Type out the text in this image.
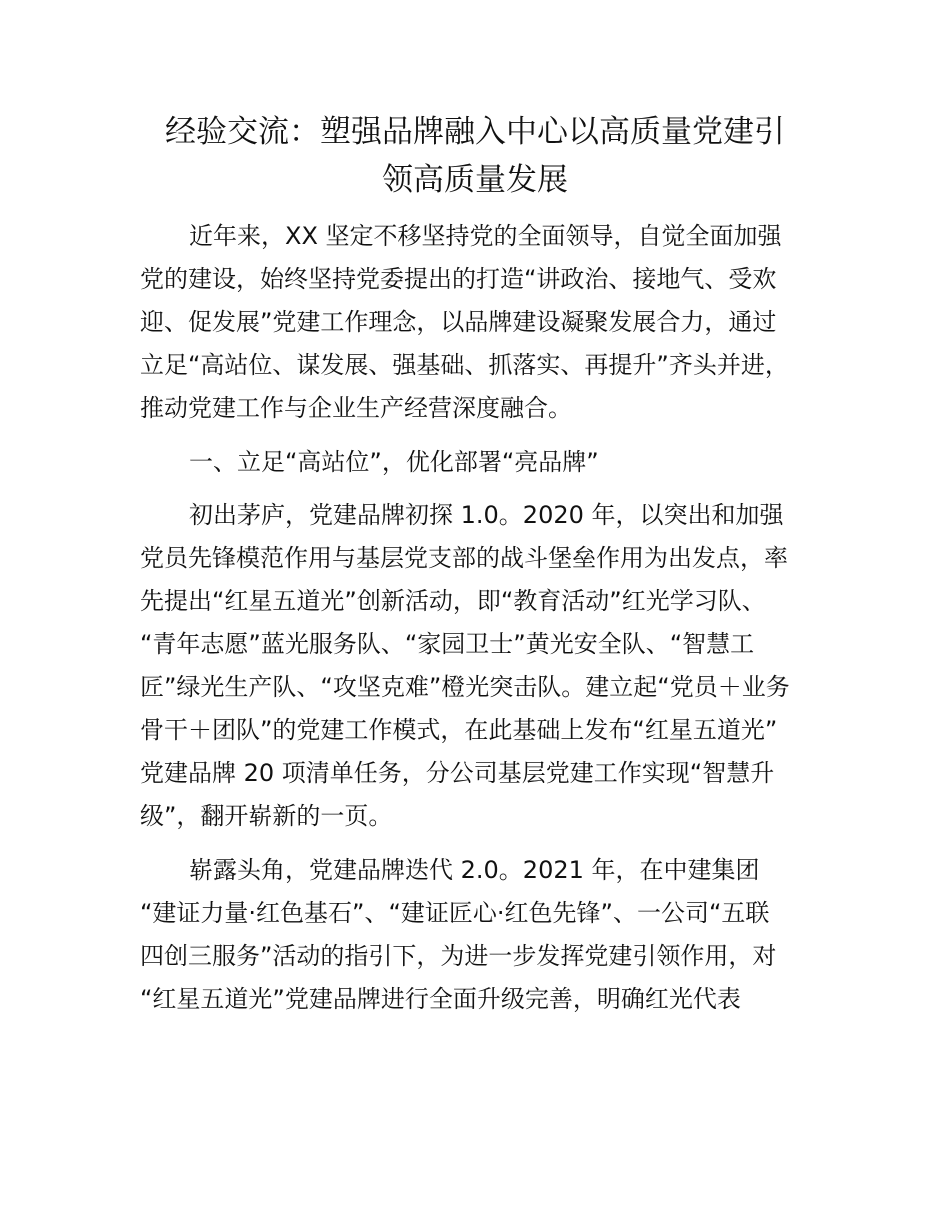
经验交流：塑强品牌融入中心以高质量党建引
领高质量发展
近年来，XX 坚定不移坚持党的全面领导，自觉全面加强
党的建设，始终坚持党委提出的打造“讲政治、接地气、受欢
迎、促发展”党建工作理念，以品牌建设凝聚发展合力，通过
立足“高站位、谋发展、强基础、抓落实、再提升”齐头并进，
推动党建工作与企业生产经营深度融合。
一、立足“高站位”，优化部署“亮品牌”
初出茅庐，党建品牌初探 1.0。2020 年，以突出和加强
党员先锋模范作用与基层党支部的战斗堡垒作用为出发点，率
先提出“红星五道光”创新活动，即“教育活动”红光学习队、
“青年志愿”蓝光服务队、“家园卫士”黄光安全队、“智慧工
匠”绿光生产队、“攻坚克难”橙光突击队。建立起“党员＋业务
骨干＋团队”的党建工作模式，在此基础上发布“红星五道光”
党建品牌 20 项清单任务，分公司基层党建工作实现“智慧升
级”，翻开崭新的一页。
崭露头角，党建品牌迭代 2.0。2021 年，在中建集团
“建证力量·红色基石”、“建证匠心·红色先锋”、一公司“五联
四创三服务”活动的指引下，为进一步发挥党建引领作用，对
“红星五道光”党建品牌进行全面升级完善，明确红光代表
